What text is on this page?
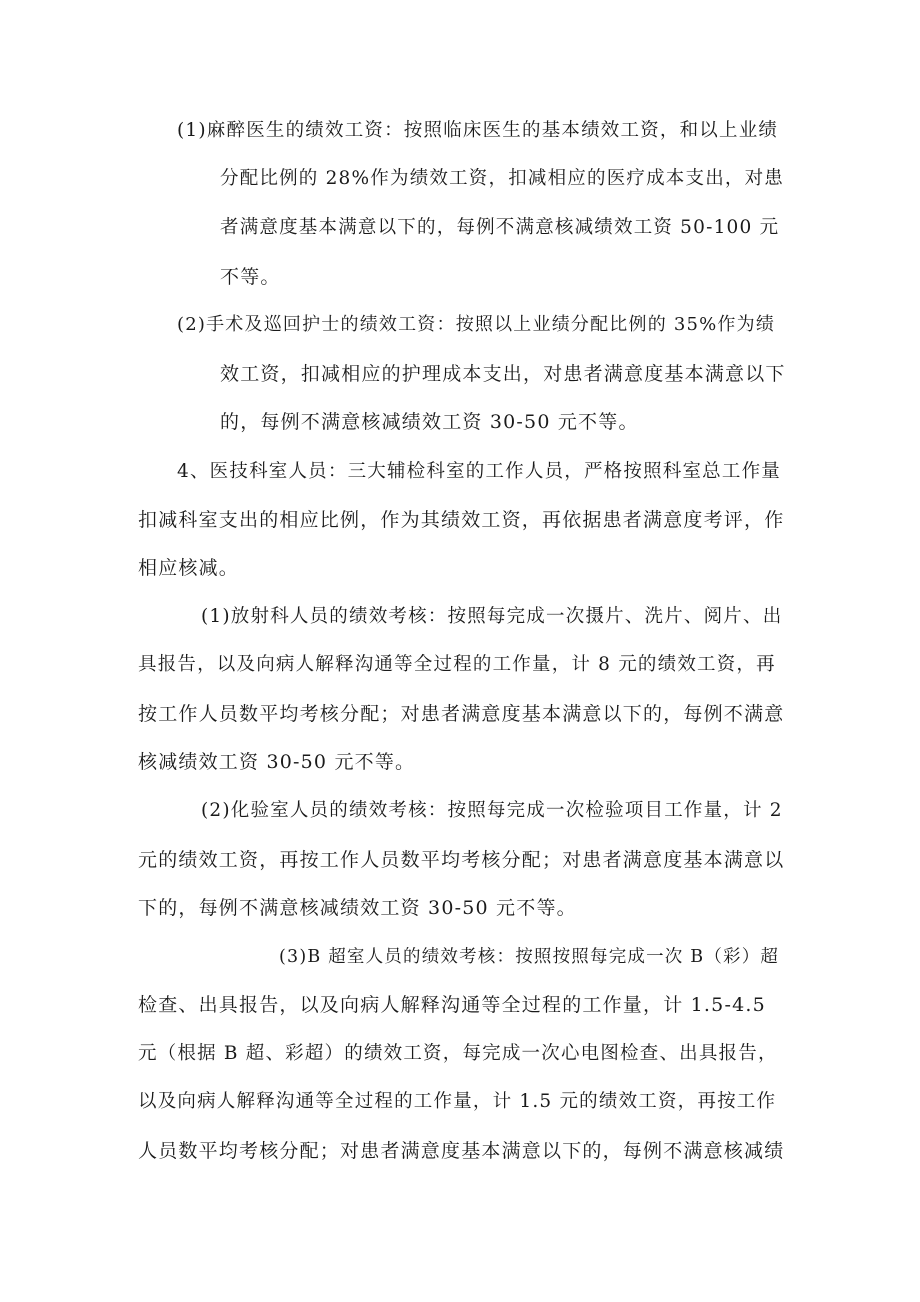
(1)麻醉医生的绩效工资：按照临床医生的基本绩效工资，和以上业绩
分配比例的 28%作为绩效工资，扣减相应的医疗成本支出，对患
者满意度基本满意以下的，每例不满意核减绩效工资 50-100 元
不等。
(2)手术及巡回护士的绩效工资：按照以上业绩分配比例的 35%作为绩
效工资，扣减相应的护理成本支出，对患者满意度基本满意以下
的，每例不满意核减绩效工资 30-50 元不等。
4、医技科室人员：三大辅检科室的工作人员，严格按照科室总工作量
扣减科室支出的相应比例，作为其绩效工资，再依据患者满意度考评，作
相应核减。
(1)放射科人员的绩效考核：按照每完成一次摄片、洗片、阅片、出
具报告，以及向病人解释沟通等全过程的工作量，计 8 元的绩效工资，再
按工作人员数平均考核分配；对患者满意度基本满意以下的，每例不满意
核减绩效工资 30-50 元不等。
(2)化验室人员的绩效考核：按照每完成一次检验项目工作量，计 2
元的绩效工资，再按工作人员数平均考核分配；对患者满意度基本满意以
下的，每例不满意核减绩效工资 30-50 元不等。
(3)B 超室人员的绩效考核：按照按照每完成一次 B（彩）超
检查、出具报告，以及向病人解释沟通等全过程的工作量，计 1.5-4.5
元（根据 B 超、彩超）的绩效工资，每完成一次心电图检查、出具报告，
以及向病人解释沟通等全过程的工作量，计 1.5 元的绩效工资，再按工作
人员数平均考核分配；对患者满意度基本满意以下的，每例不满意核减绩
